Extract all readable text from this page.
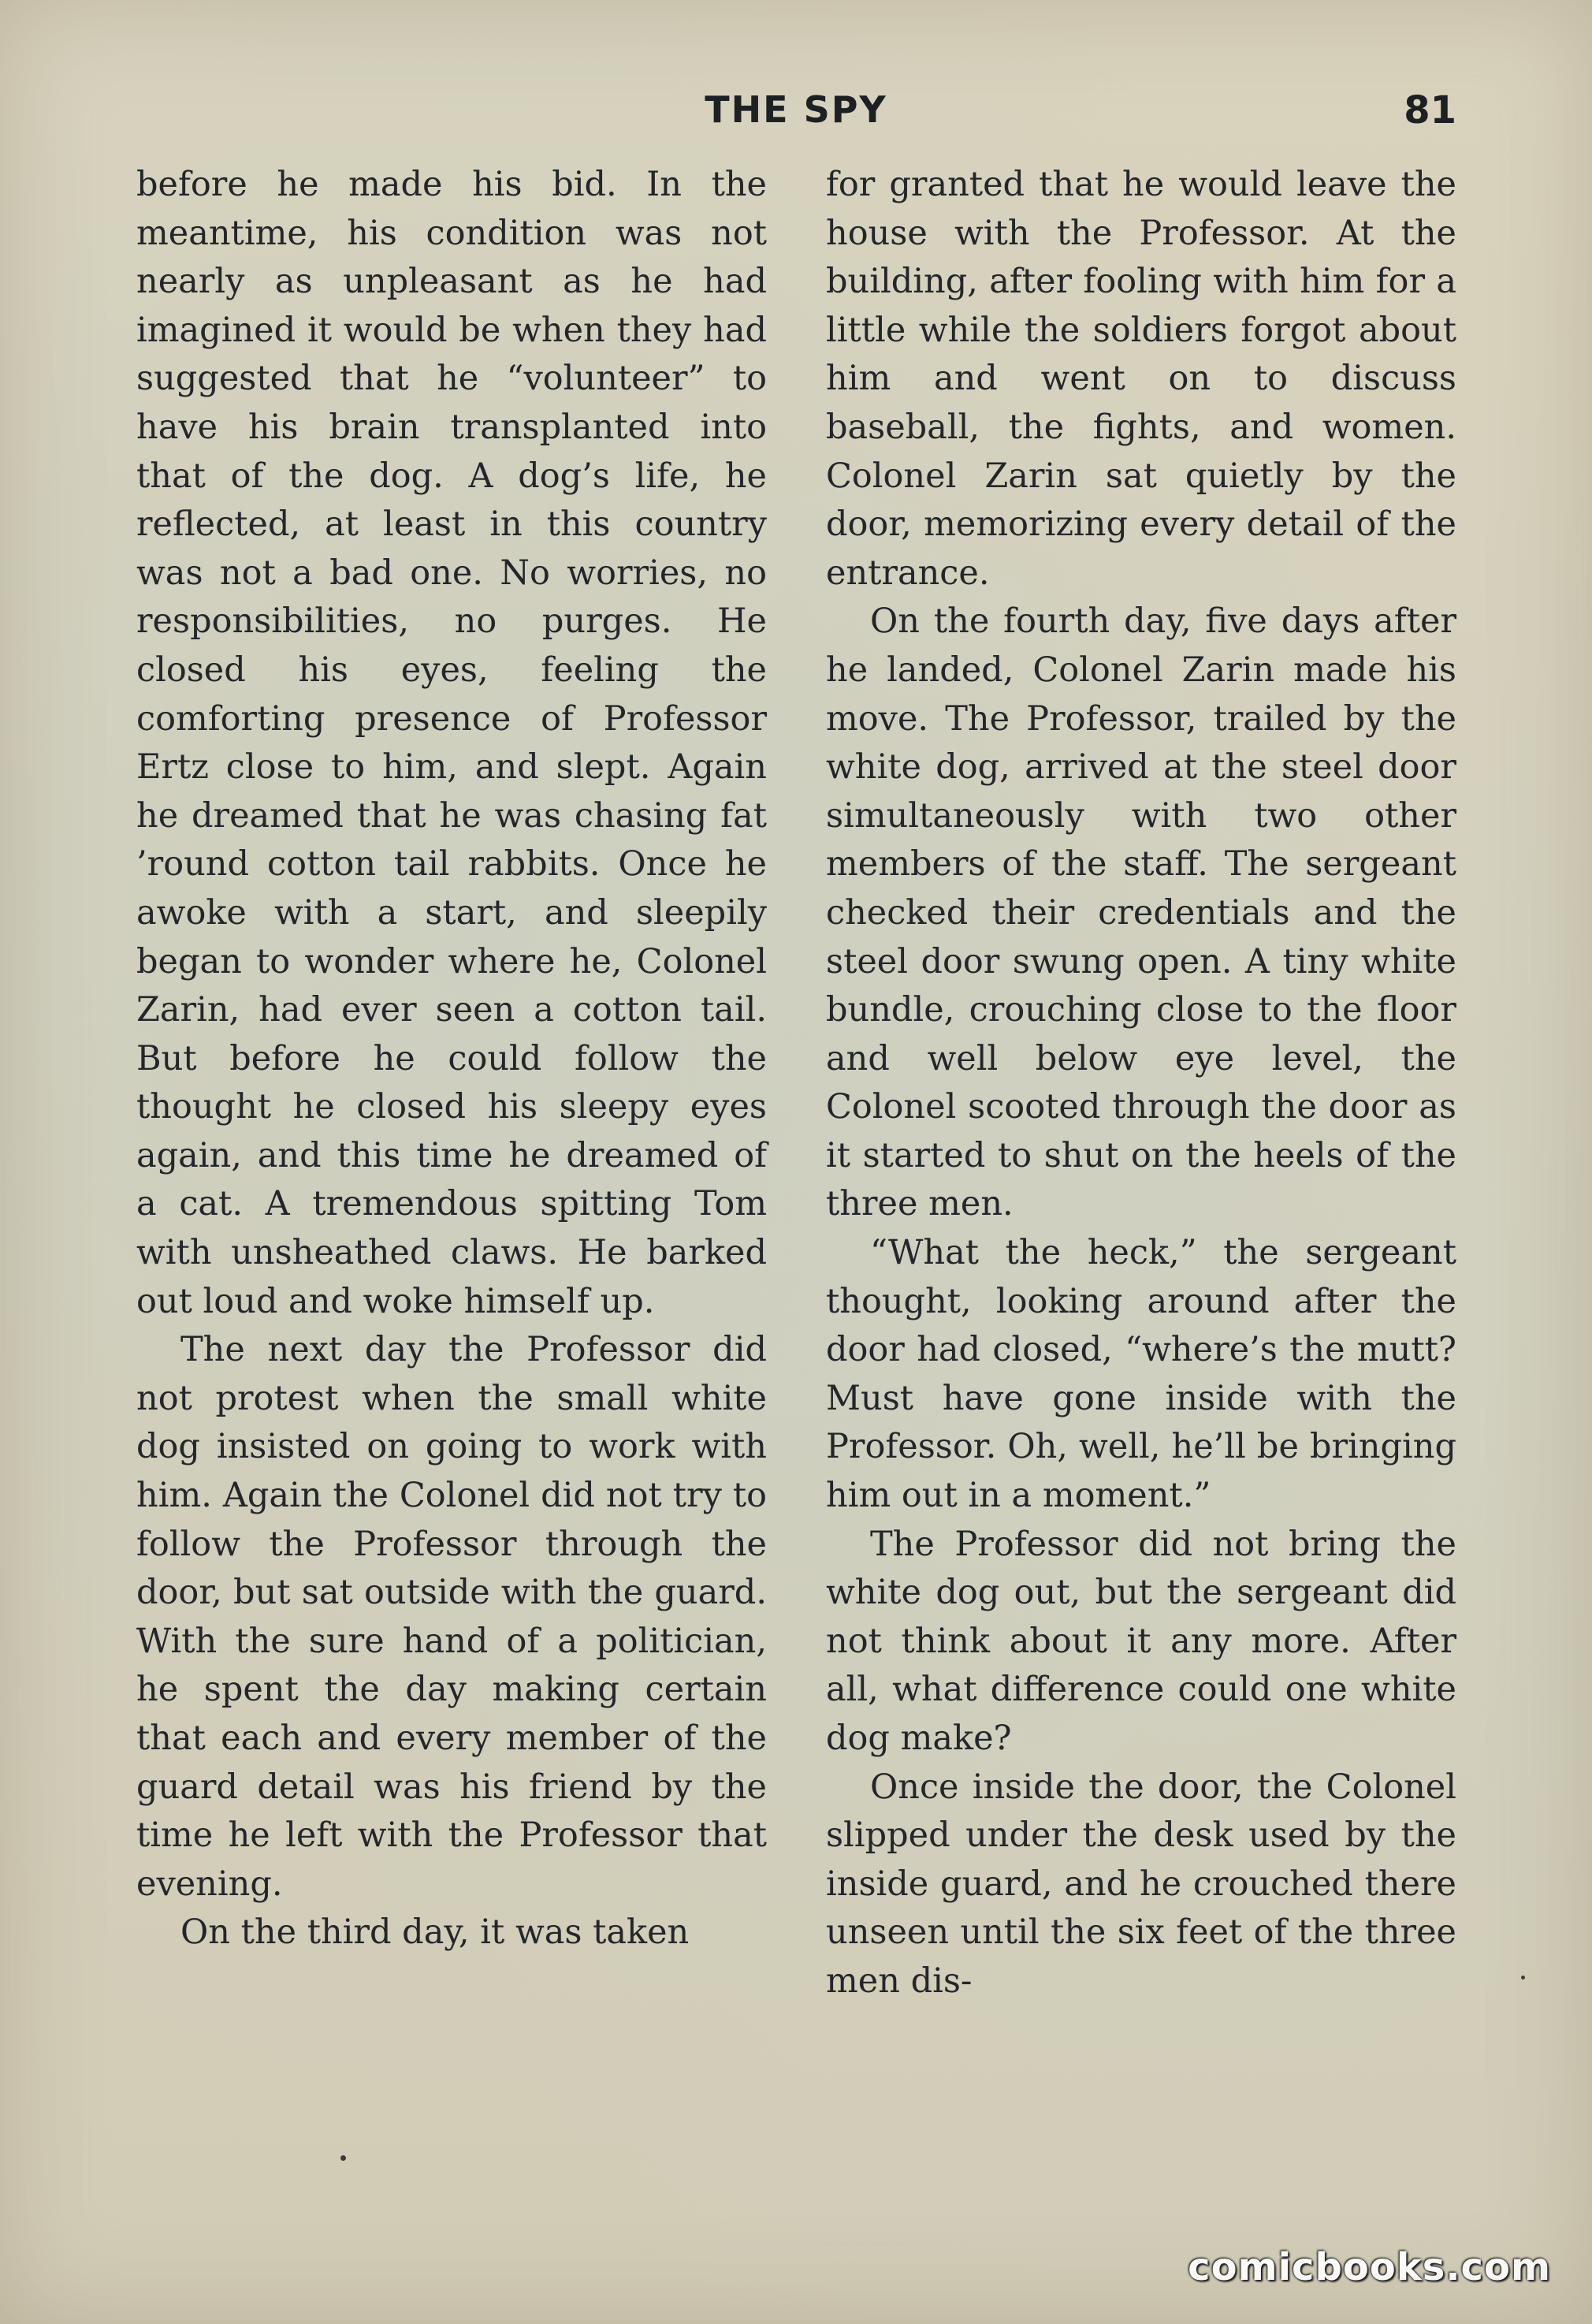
THE SPY	81

before he made his bid. In the meantime, his condition was not nearly as unpleasant as he had imagined it would be when they had suggested that he “volunteer” to have his brain transplanted into that of the dog. A dog’s life, he reflected, at least in this country was not a bad one. No worries, no responsibilities, no purges. He closed his eyes, feeling the comforting presence of Professor Ertz close to him, and slept. Again he dreamed that he was chasing fat ’round cotton tail rabbits. Once he awoke with a start, and sleepily began to wonder where he, Colonel Zarin, had ever seen a cotton tail. But before he could follow the thought he closed his sleepy eyes again, and this time he dreamed of a cat. A tremendous spitting Tom with unsheathed claws. He barked out loud and woke himself up.

The next day the Professor did not protest when the small white dog insisted on going to work with him. Again the Colonel did not try to follow the Professor through the door, but sat outside with the guard. With the sure hand of a politician, he spent the day making certain that each and every member of the guard detail was his friend by the time he left with the Professor that evening.

On the third day, it was taken

for granted that he would leave the house with the Professor. At the building, after fooling with him for a little while the soldiers forgot about him and went on to discuss baseball, the fights, and women. Colonel Zarin sat quietly by the door, memorizing every detail of the entrance.

On the fourth day, five days after he landed, Colonel Zarin made his move. The Professor, trailed by the white dog, arrived at the steel door simultaneously with two other members of the staff. The sergeant checked their credentials and the steel door swung open. A tiny white bundle, crouching close to the floor and well below eye level, the Colonel scooted through the door as it started to shut on the heels of the three men.

“What the heck,” the sergeant thought, looking around after the door had closed, “where’s the mutt? Must have gone inside with the Professor. Oh, well, he’ll be bringing him out in a moment.”

The Professor did not bring the white dog out, but the sergeant did not think about it any more. After all, what difference could one white dog make?

Once inside the door, the Colonel slipped under the desk used by the inside guard, and he crouched there unseen until the six feet of the three men dis-

comicbooks.com
